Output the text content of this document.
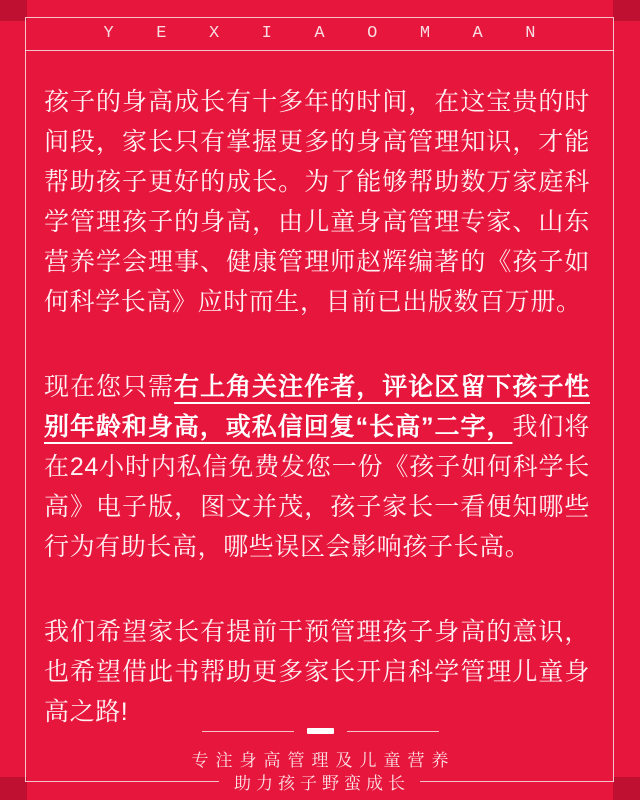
Y	E	X	I	A	O	M	A	N

孩子的身高成长有十多年的时间，在这宝贵的时间段，家长只有掌握更多的身高管理知识，才能帮助孩子更好的成长。为了能够帮助数万家庭科学管理孩子的身高，由儿童身高管理专家、山东营养学会理事、健康管理师赵辉编著的《孩子如何科学长高》应时而生，目前已出版数百万册。

现在您只需右上角关注作者，评论区留下孩子性别年龄和身高，或私信回复“长高”二字，我们将在24小时内私信免费发您一份《孩子如何科学长高》电子版，图文并茂，孩子家长一看便知哪些行为有助长高，哪些误区会影响孩子长高。

我们希望家长有提前干预管理孩子身高的意识，也希望借此书帮助更多家长开启科学管理儿童身高之路!

专注身高管理及儿童营养
助力孩子野蛮成长
